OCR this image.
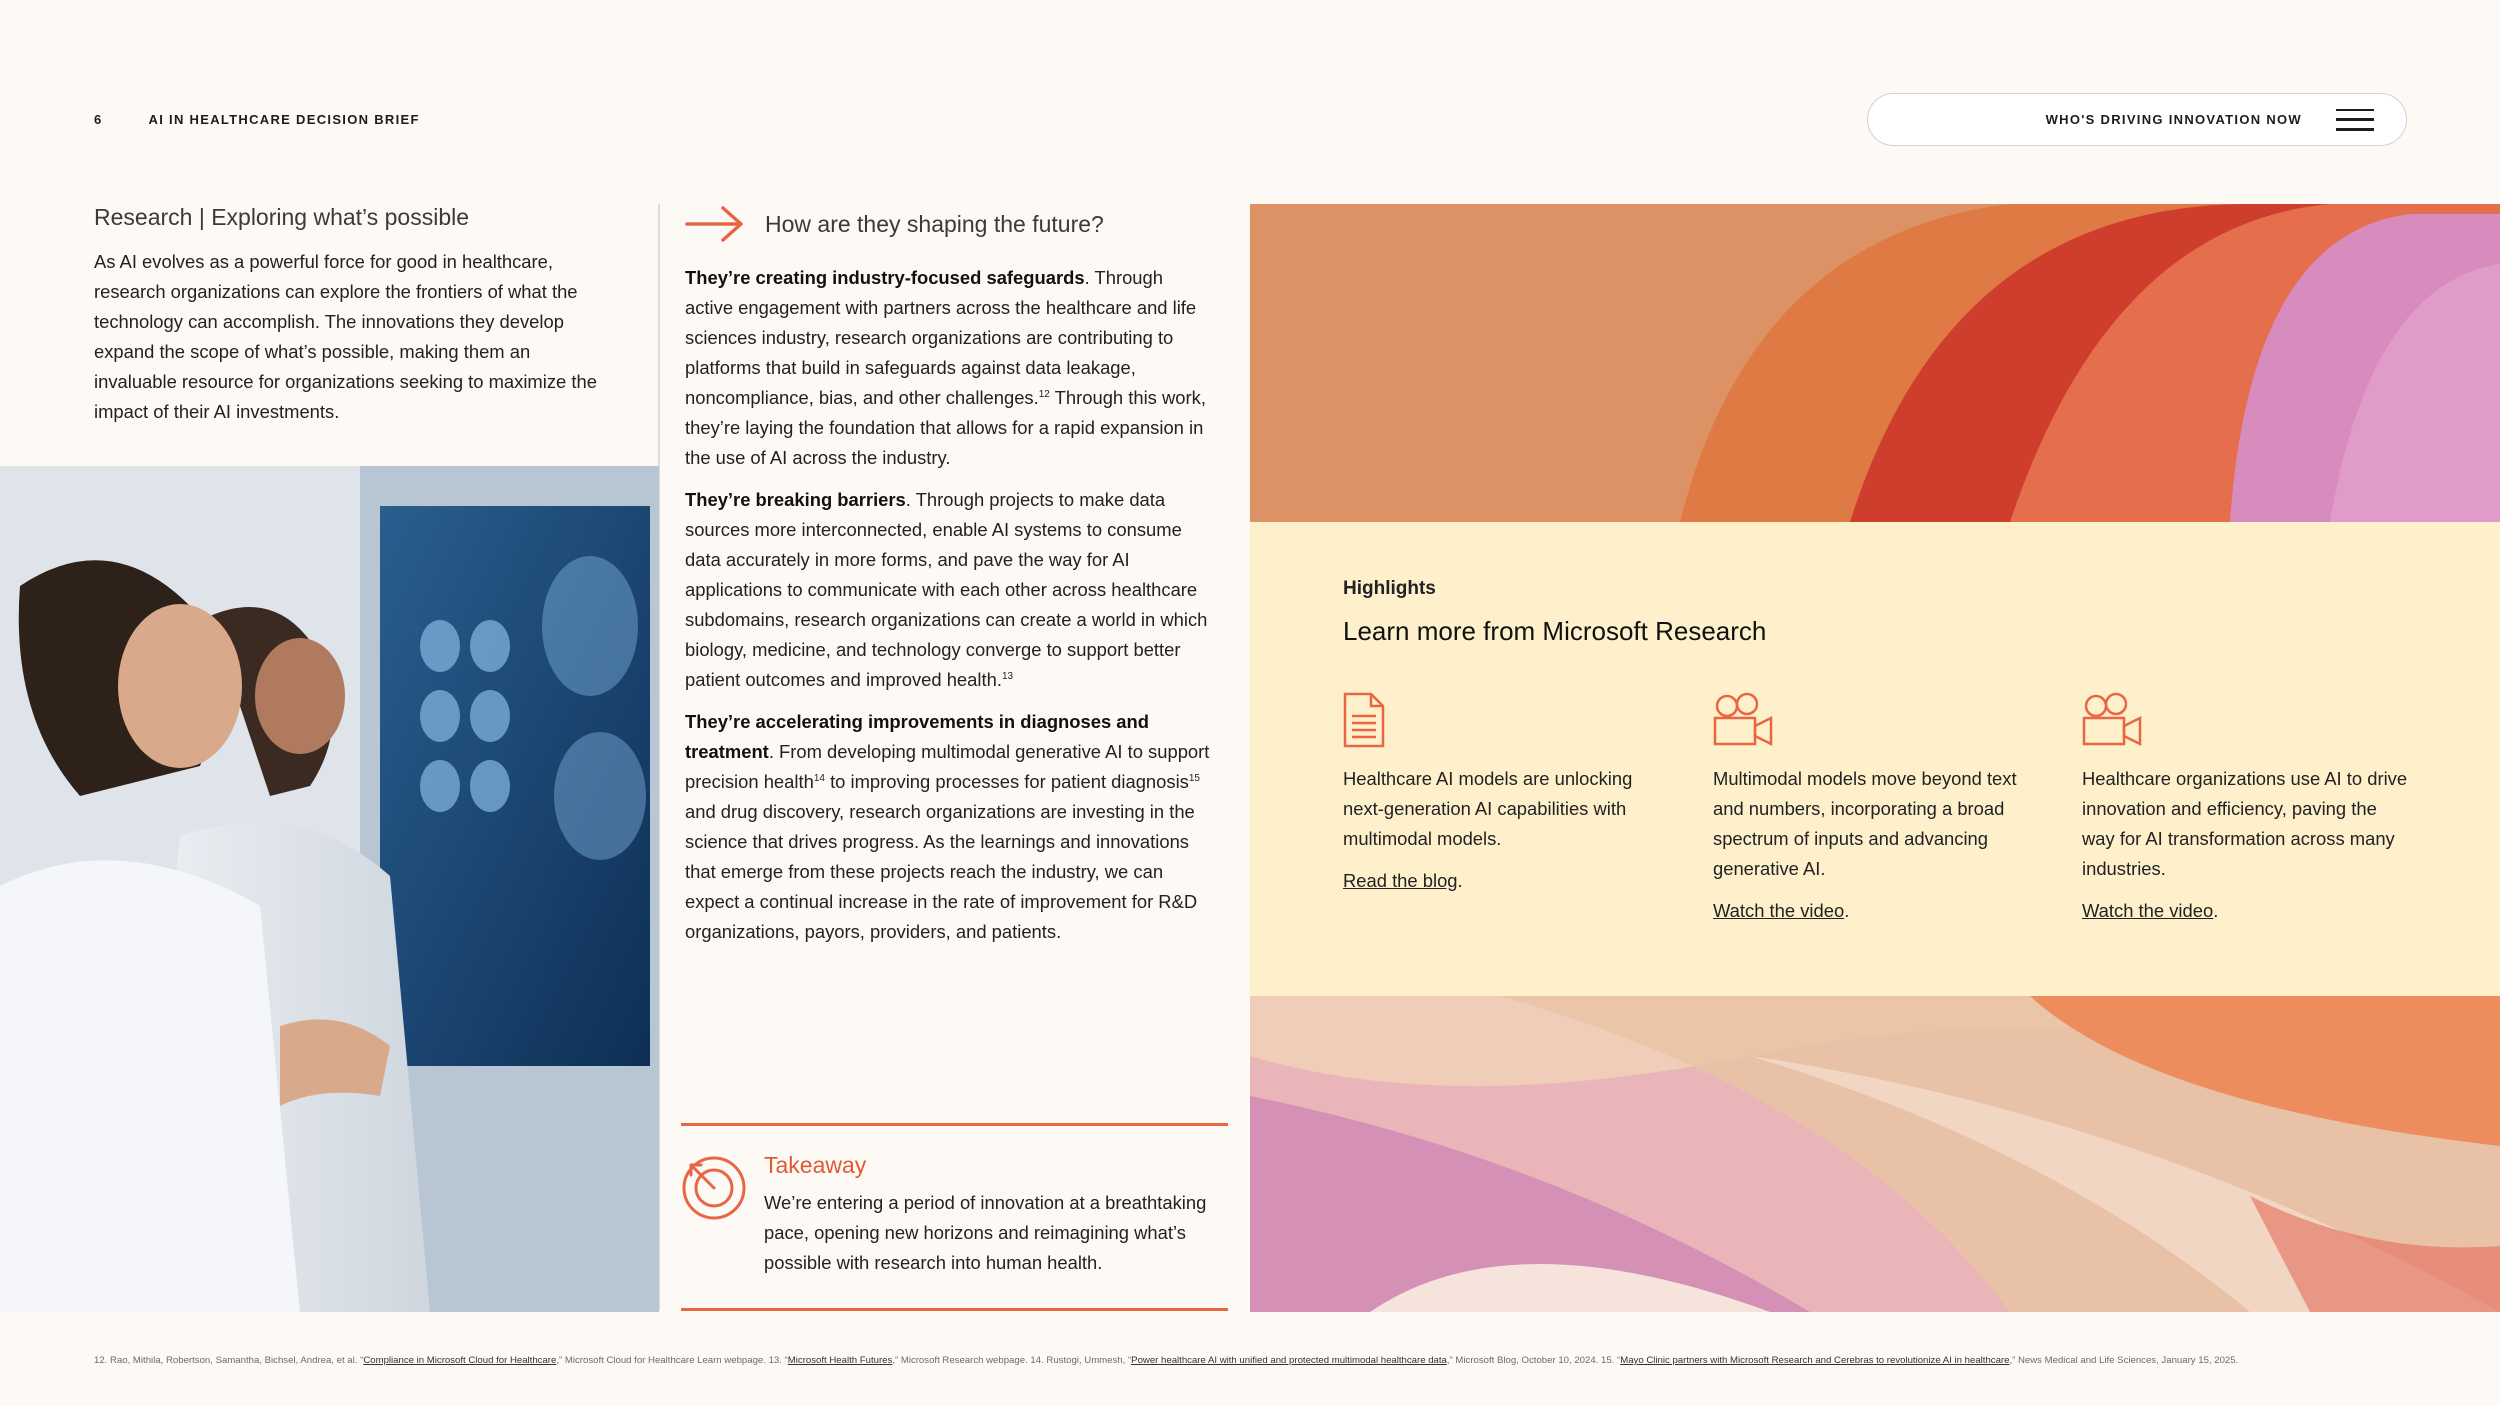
6	AI IN HEALTHCARE DECISION BRIEF	WHO'S DRIVING INNOVATION NOW
Research | Exploring what’s possible
As AI evolves as a powerful force for good in healthcare, research organizations can explore the frontiers of what the technology can accomplish. The innovations they develop expand the scope of what’s possible, making them an invaluable resource for organizations seeking to maximize the impact of their AI investments.
How are they shaping the future?

They’re creating industry-focused safeguards. Through active engagement with partners across the healthcare and life sciences industry, research organizations are contributing to platforms that build in safeguards against data leakage, noncompliance, bias, and other challenges.$^{12}$ Through this work, they’re laying the foundation that allows for a rapid expansion in the use of AI across the industry.

They’re breaking barriers. Through projects to make data sources more interconnected, enable AI systems to consume data accurately in more forms, and pave the way for AI applications to communicate with each other across healthcare subdomains, research organizations can create a world in which biology, medicine, and technology converge to support better patient outcomes and improved health.$^{13}$

They’re accelerating improvements in diagnoses and treatment. From developing multimodal generative AI to support precision health$^{14}$ to improving processes for patient diagnosis$^{15}$ and drug discovery, research organizations are investing in the science that drives progress. As the learnings and innovations that emerge from these projects reach the industry, we can expect a continual increase in the rate of improvement for R&D organizations, payors, providers, and patients.

Takeaway
We’re entering a period of innovation at a breathtaking pace, opening new horizons and reimagining what’s possible with research into human health.
Highlights
Learn more from Microsoft Research
Healthcare AI models are unlocking next-generation AI capabilities with multimodal models.
Read the blog.
Multimodal models move beyond text and numbers, incorporating a broad spectrum of inputs and advancing generative AI.
Watch the video.
Healthcare organizations use AI to drive innovation and efficiency, paving the way for AI transformation across many industries.
Watch the video.
12. Rao, Mithila, Robertson, Samantha, Bichsel, Andrea, et al. “Compliance in Microsoft Cloud for Healthcare,” Microsoft Cloud for Healthcare Learn webpage. 13. “Microsoft Health Futures,” Microsoft Research webpage. 14. Rustogi, Ummesh, “Power healthcare AI with unified and protected multimodal healthcare data,” Microsoft Blog, October 10, 2024. 15. “Mayo Clinic partners with Microsoft Research and Cerebras to revolutionize AI in healthcare,” News Medical and Life Sciences, January 15, 2025.
